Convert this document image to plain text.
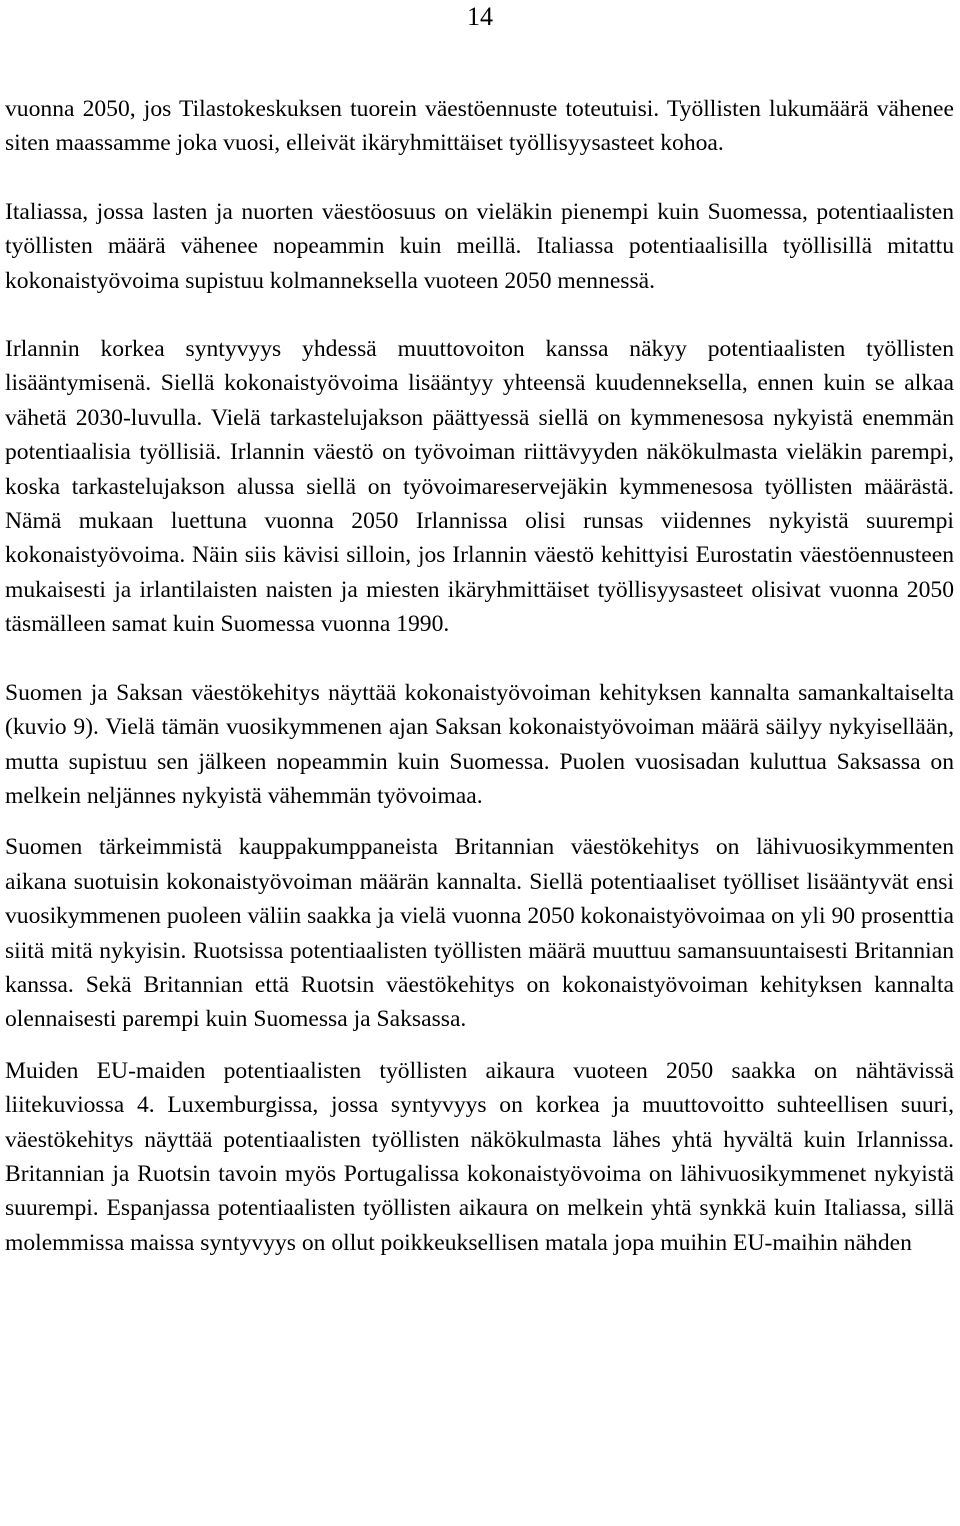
14

vuonna 2050, jos Tilastokeskuksen tuorein väestöennuste toteutuisi. Työllisten lukumäärä vähenee siten maassamme joka vuosi, elleivät ikäryhmittäiset työllisyysasteet kohoa.

Italiassa, jossa lasten ja nuorten väestöosuus on vieläkin pienempi kuin Suomessa, potentiaalisten työllisten määrä vähenee nopeammin kuin meillä. Italiassa potentiaalisilla työllisillä mitattu kokonaistyövoima supistuu kolmanneksella vuoteen 2050 mennessä.

Irlannin korkea syntyvyys yhdessä muuttovoiton kanssa näkyy potentiaalisten työllisten lisääntymisenä. Siellä kokonaistyövoima lisääntyy yhteensä kuudenneksella, ennen kuin se alkaa vähetä 2030-luvulla. Vielä tarkastelujakson päättyessä siellä on kymmenesosa nykyistä enemmän potentiaalisia työllisiä. Irlannin väestö on työvoiman riittävyyden näkökulmasta vieläkin parempi, koska tarkastelujakson alussa siellä on työvoimareservejäkin kymmenesosa työllisten määrästä. Nämä mukaan luettuna vuonna 2050 Irlannissa olisi runsas viidennes nykyistä suurempi kokonaistyövoima. Näin siis kävisi silloin, jos Irlannin väestö kehittyisi Eurostatin väestöennusteen mukaisesti ja irlantilaisten naisten ja miesten ikäryhmittäiset työllisyysasteet olisivat vuonna 2050 täsmälleen samat kuin Suomessa vuonna 1990.

Suomen ja Saksan väestökehitys näyttää kokonaistyövoiman kehityksen kannalta samankaltaiselta (kuvio 9). Vielä tämän vuosikymmenen ajan Saksan kokonaistyövoiman määrä säilyy nykyisellään, mutta supistuu sen jälkeen nopeammin kuin Suomessa. Puolen vuosisadan kuluttua Saksassa on melkein neljännes nykyistä vähemmän työvoimaa.

Suomen tärkeimmistä kauppakumppaneista Britannian väestökehitys on lähivuosikymmenten aikana suotuisin kokonaistyövoiman määrän kannalta. Siellä potentiaaliset työlliset lisääntyvät ensi vuosikymmenen puoleen väliin saakka ja vielä vuonna 2050 kokonaistyövoimaa on yli 90 prosenttia siitä mitä nykyisin. Ruotsissa potentiaalisten työllisten määrä muuttuu samansuuntaisesti Britannian kanssa. Sekä Britannian että Ruotsin väestökehitys on kokonaistyövoiman kehityksen kannalta olennaisesti parempi kuin Suomessa ja Saksassa.

Muiden EU-maiden potentiaalisten työllisten aikaura vuoteen 2050 saakka on nähtävissä liitekuviossa 4. Luxemburgissa, jossa syntyvyys on korkea ja muuttovoitto suhteellisen suuri, väestökehitys näyttää potentiaalisten työllisten näkökulmasta lähes yhtä hyvältä kuin Irlannissa. Britannian ja Ruotsin tavoin myös Portugalissa kokonaistyövoima on lähivuosikymmenet nykyistä suurempi. Espanjassa potentiaalisten työllisten aikaura on melkein yhtä synkkä kuin Italiassa, sillä molemmissa maissa syntyvyys on ollut poikkeuksellisen matala jopa muihin EU-maihin nähden
